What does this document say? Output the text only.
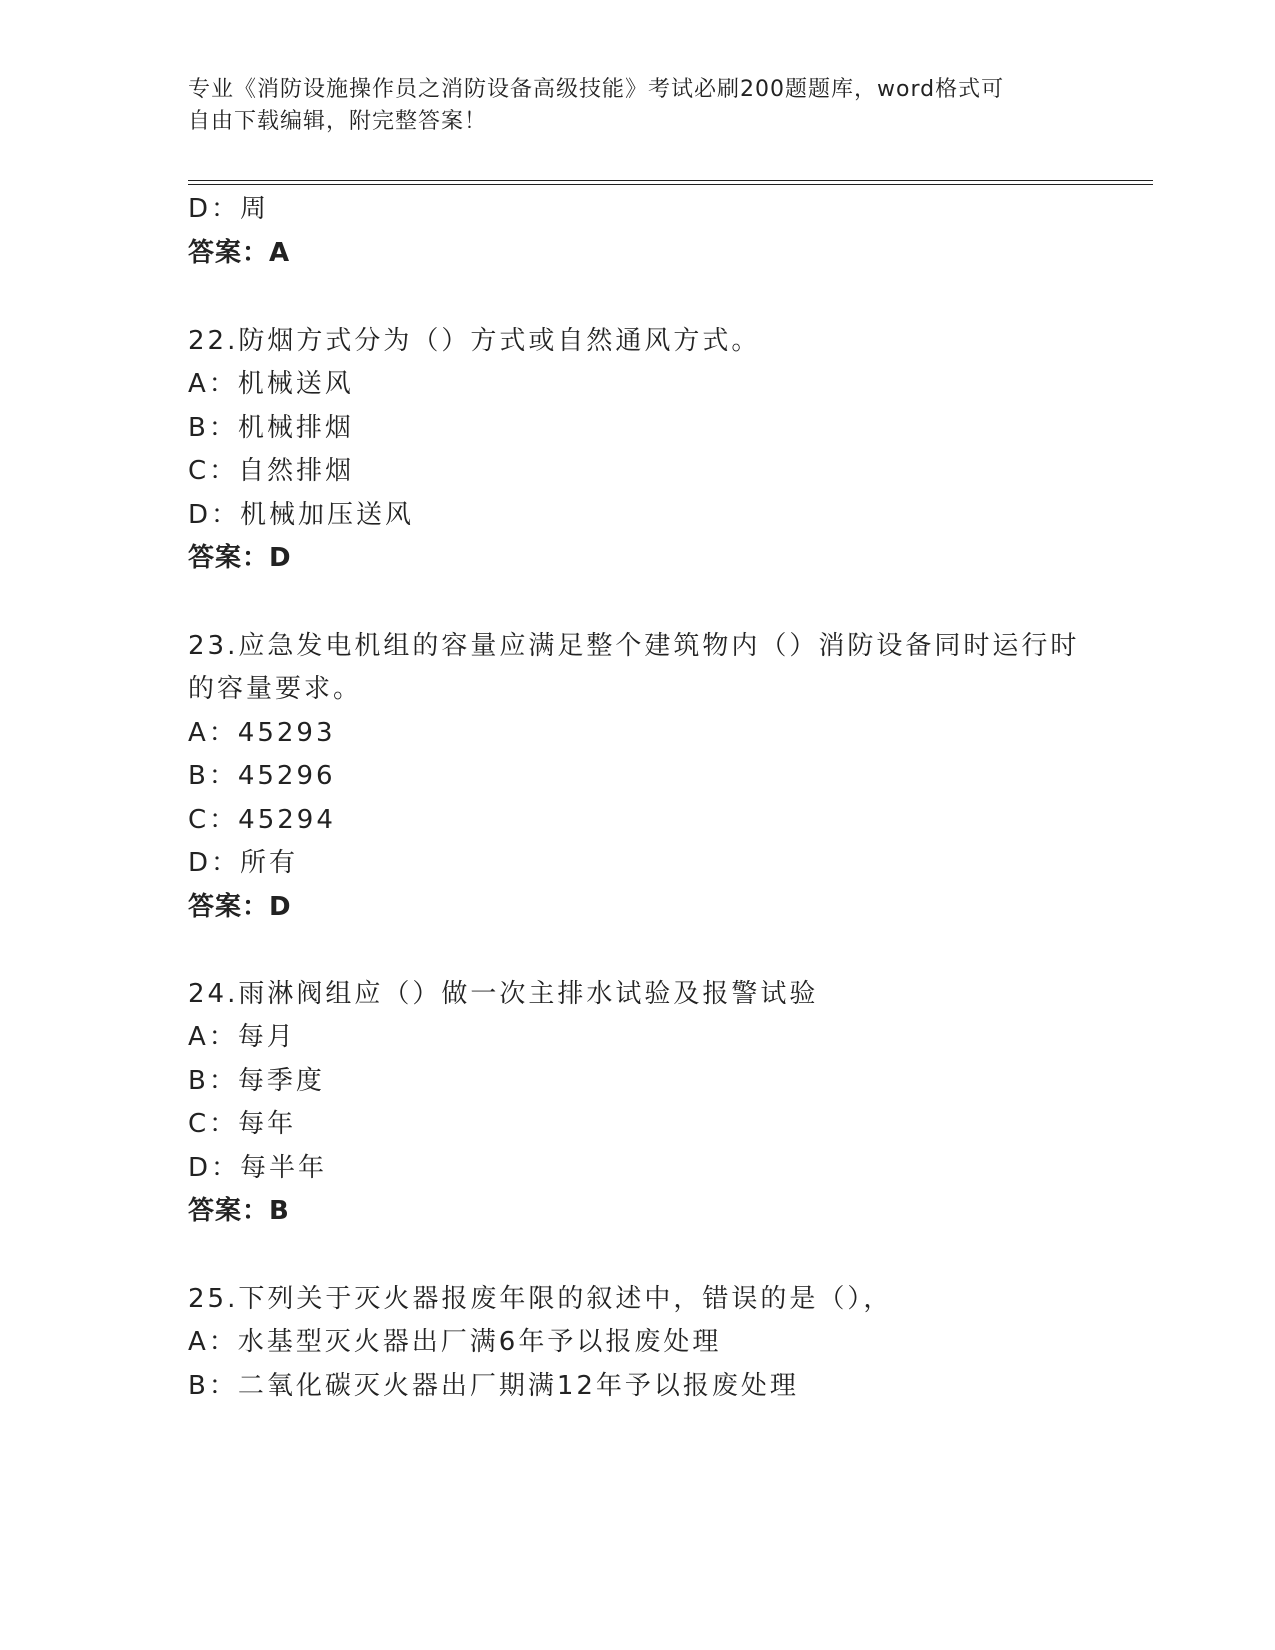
专业《消防设施操作员之消防设备高级技能》考试必刷200题题库，word格式可
自由下载编辑，附完整答案！
D：周
答案：A
22.防烟方式分为（）方式或自然通风方式。
A：机械送风
B：机械排烟
C：自然排烟
D：机械加压送风
答案：D
23.应急发电机组的容量应满足整个建筑物内（）消防设备同时运行时
的容量要求。
A：45293
B：45296
C：45294
D：所有
答案：D
24.雨淋阀组应（）做一次主排水试验及报警试验
A：每月
B：每季度
C：每年
D：每半年
答案：B
25.下列关于灭火器报废年限的叙述中，错误的是（），
A：水基型灭火器出厂满6年予以报废处理
B：二氧化碳灭火器出厂期满12年予以报废处理
